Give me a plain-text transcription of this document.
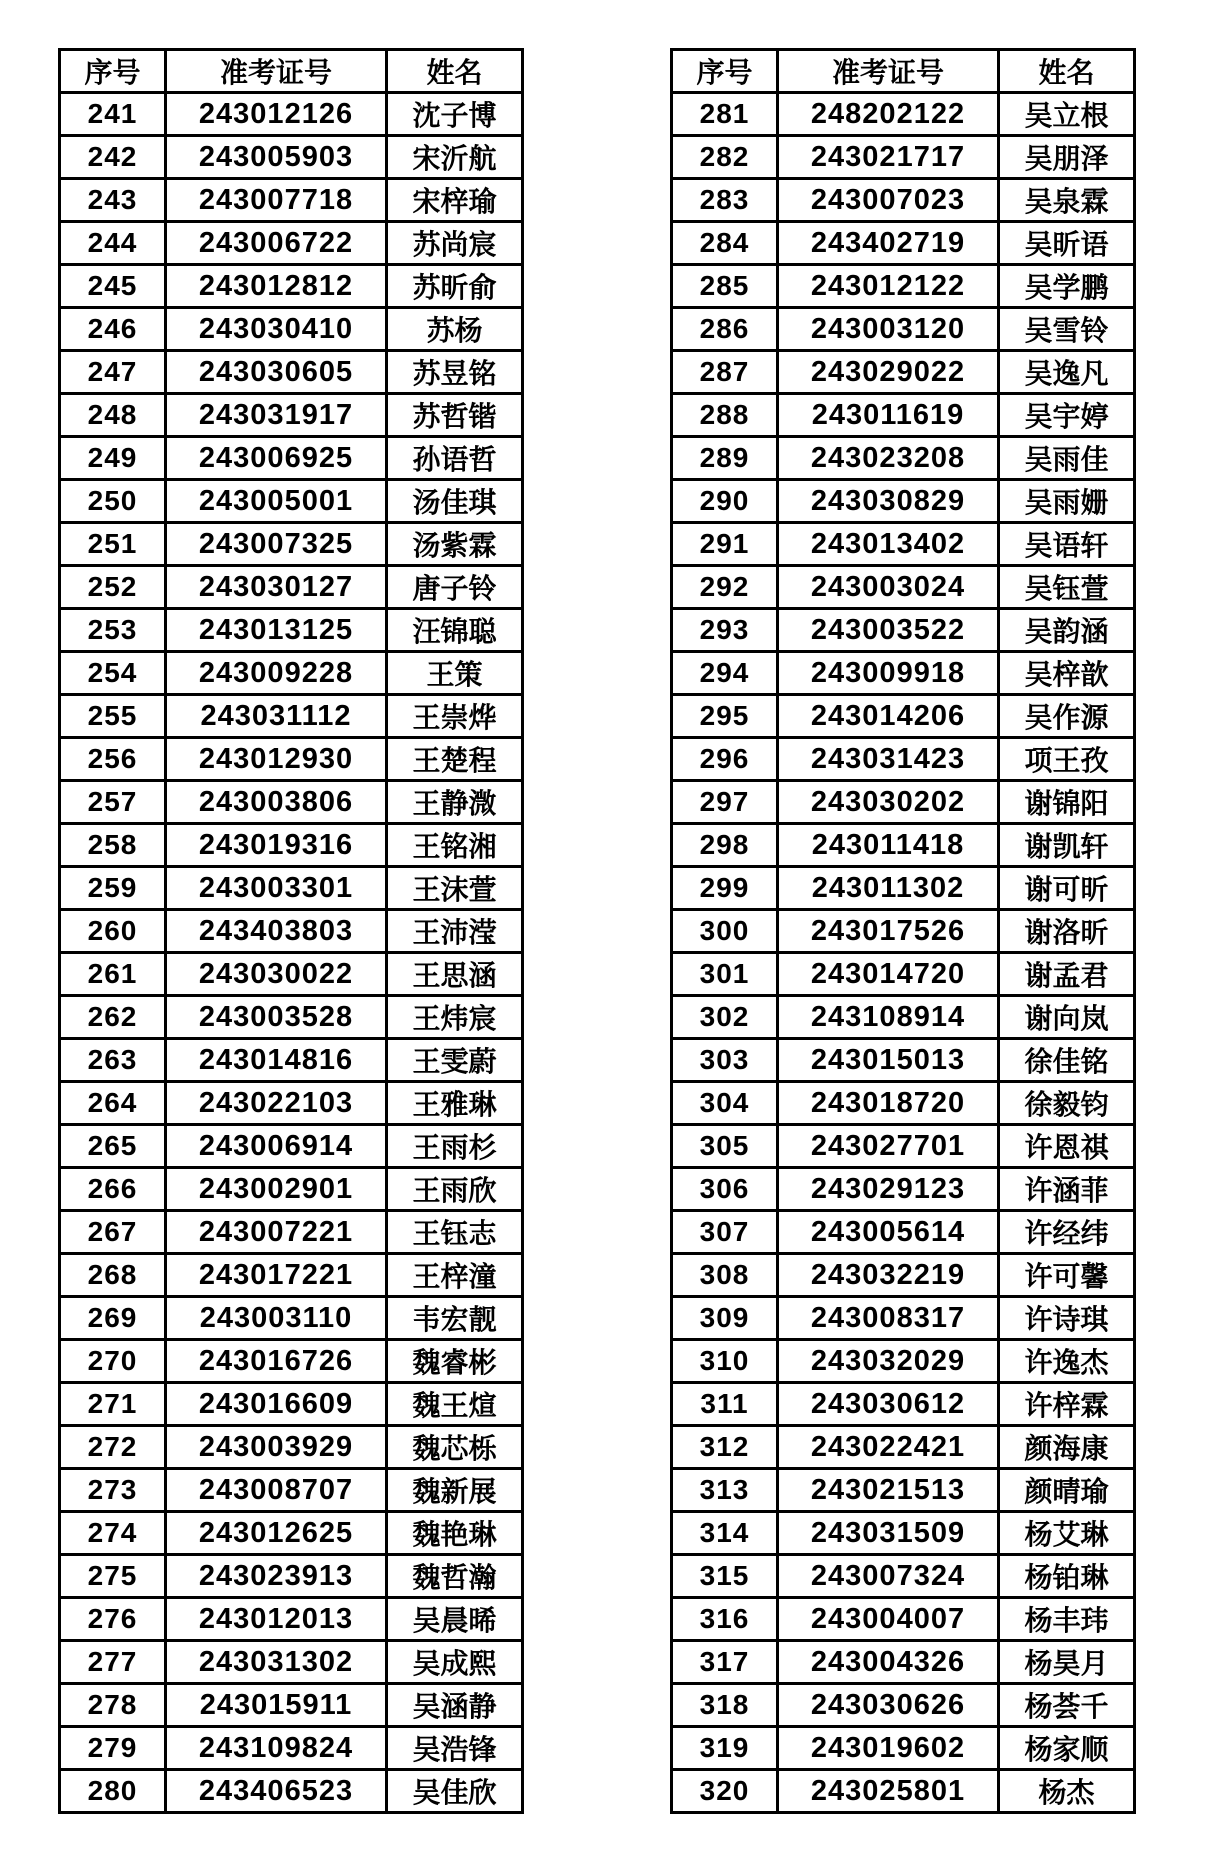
序号	准考证号	姓名
241	243012126	沈子博
242	243005903	宋沂航
243	243007718	宋梓瑜
244	243006722	苏尚宸
245	243012812	苏昕俞
246	243030410	苏杨
247	243030605	苏昱铭
248	243031917	苏哲锴
249	243006925	孙语哲
250	243005001	汤佳琪
251	243007325	汤紫霖
252	243030127	唐子铃
253	243013125	汪锦聪
254	243009228	王策
255	243031112	王崇烨
256	243012930	王楚程
257	243003806	王静溦
258	243019316	王铭湘
259	243003301	王沫萱
260	243403803	王沛滢
261	243030022	王思涵
262	243003528	王炜宸
263	243014816	王雯蔚
264	243022103	王雅琳
265	243006914	王雨杉
266	243002901	王雨欣
267	243007221	王钰志
268	243017221	王梓潼
269	243003110	韦宏靓
270	243016726	魏睿彬
271	243016609	魏王煊
272	243003929	魏芯栎
273	243008707	魏新展
274	243012625	魏艳琳
275	243023913	魏哲瀚
276	243012013	吴晨晞
277	243031302	吴成熙
278	243015911	吴涵静
279	243109824	吴浩锋
280	243406523	吴佳欣
序号	准考证号	姓名
281	248202122	吴立根
282	243021717	吴朋泽
283	243007023	吴泉霖
284	243402719	吴昕语
285	243012122	吴学鹏
286	243003120	吴雪铃
287	243029022	吴逸凡
288	243011619	吴宇婷
289	243023208	吴雨佳
290	243030829	吴雨姗
291	243013402	吴语轩
292	243003024	吴钰萱
293	243003522	吴韵涵
294	243009918	吴梓歆
295	243014206	吴作源
296	243031423	项王孜
297	243030202	谢锦阳
298	243011418	谢凯轩
299	243011302	谢可昕
300	243017526	谢洛昕
301	243014720	谢孟君
302	243108914	谢向岚
303	243015013	徐佳铭
304	243018720	徐毅钧
305	243027701	许恩祺
306	243029123	许涵菲
307	243005614	许经纬
308	243032219	许可馨
309	243008317	许诗琪
310	243032029	许逸杰
311	243030612	许梓霖
312	243022421	颜海康
313	243021513	颜晴瑜
314	243031509	杨艾琳
315	243007324	杨铂琳
316	243004007	杨丰玮
317	243004326	杨昊月
318	243030626	杨荟千
319	243019602	杨家顺
320	243025801	杨杰
